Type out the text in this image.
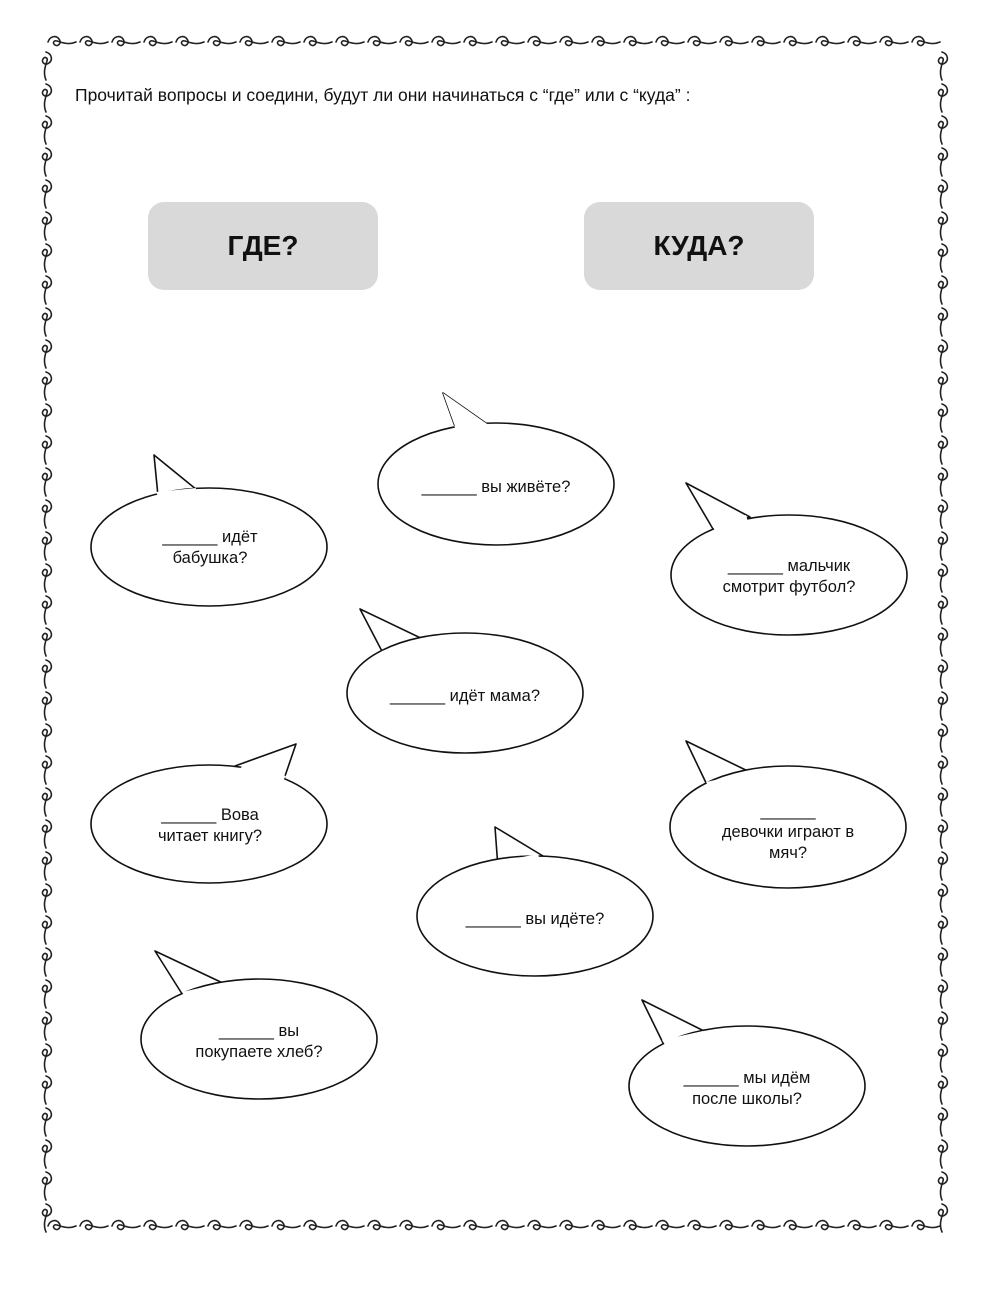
Прочитай вопросы и соедини, будут ли они начинаться с “где” или с “куда” :
ГДЕ?	КУДА?
______ вы живёте?
______ идёт
бабушка?	______ мальчик
смотрит футбол?
______ идёт мама?
______ Вова
читает книгу?
______
девочки играют в
мяч?
______ вы идёте?
______ вы
покупаете хлеб?
______ мы идём
после школы?
